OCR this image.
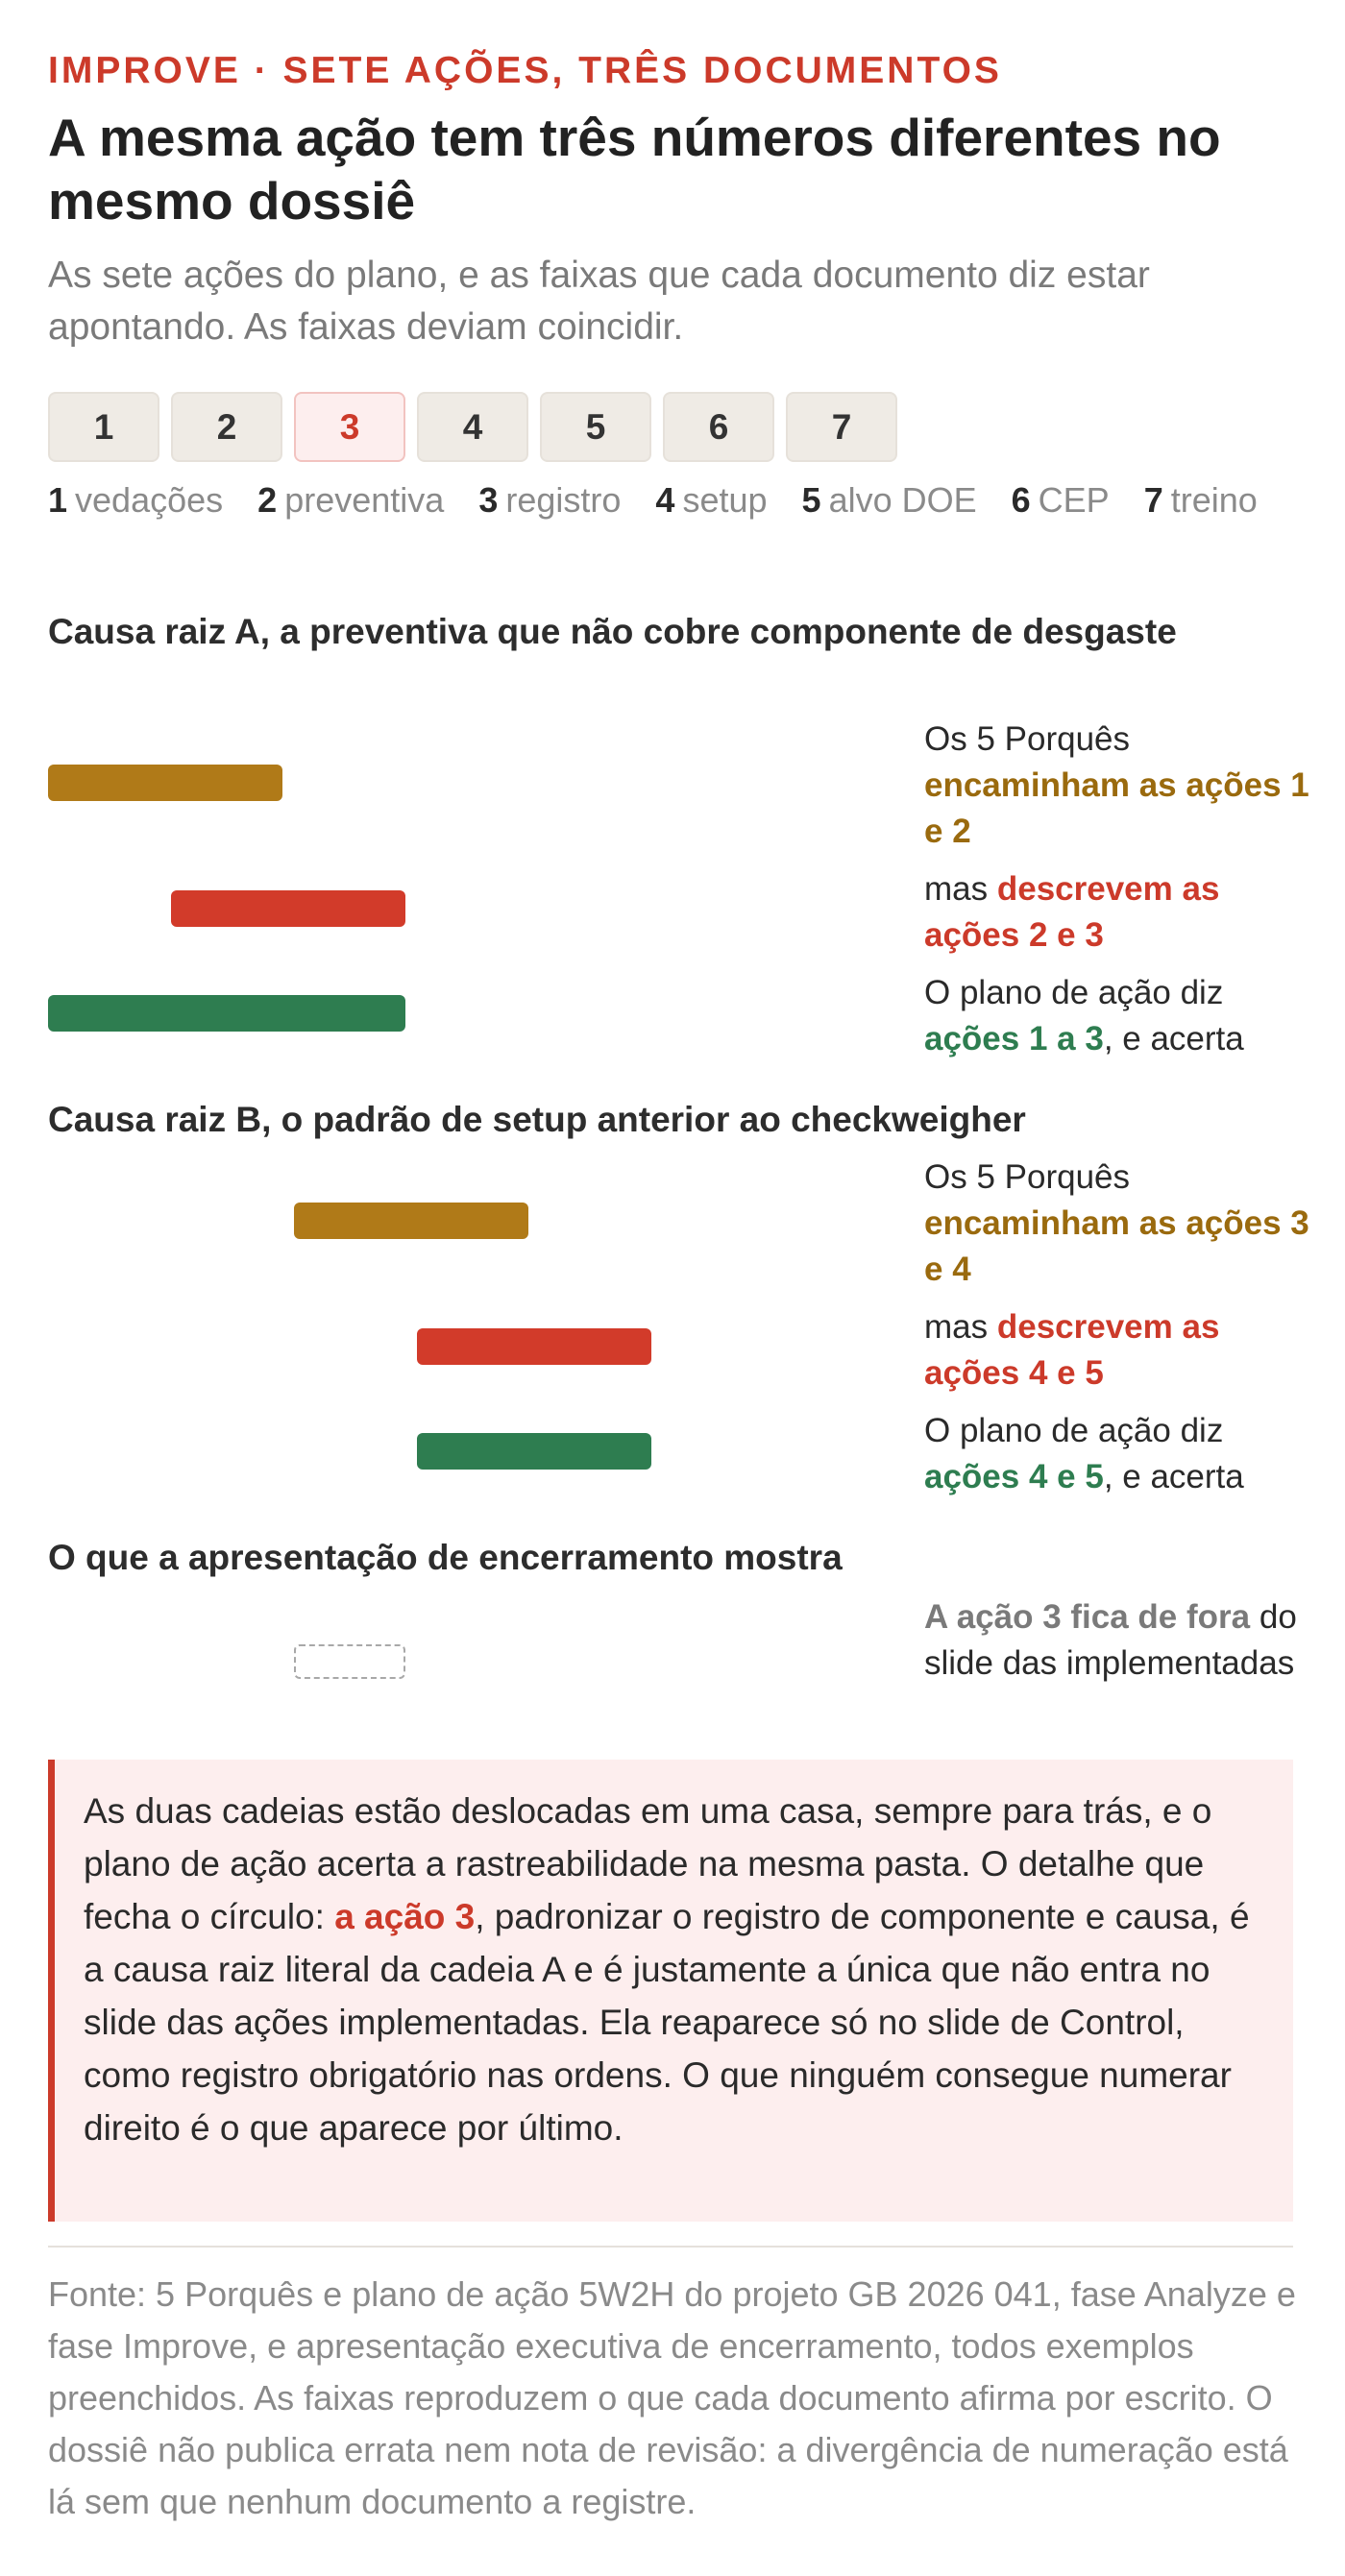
IMPROVE · SETE AÇÕES, TRÊS DOCUMENTOS
A mesma ação tem três números diferentes no mesmo dossiê

As sete ações do plano, e as faixas que cada documento diz estar apontando. As faixas deviam coincidir.

1	2	3	4	5	6	7
1 vedações 2 preventiva 3 registro 4 setup 5 alvo DOE 6 CEP 7 treino
Causa raiz A, a preventiva que não cobre componente de desgaste
Os 5 Porquês
encaminham as ações 1 e 2
mas descrevem as ações 2 e 3
O plano de ação diz
ações 1 a 3, e acerta
Causa raiz B, o padrão de setup anterior ao checkweigher
Os 5 Porquês
encaminham as ações 3 e 4
mas descrevem as ações 4 e 5
O plano de ação diz
ações 4 e 5, e acerta
O que a apresentação de encerramento mostra
A ação 3 fica de fora do slide das implementadas
As duas cadeias estão deslocadas em uma casa, sempre para trás, e o plano de ação acerta a rastreabilidade na mesma pasta. O detalhe que fecha o círculo: a ação 3, padronizar o registro de componente e causa, é a causa raiz literal da cadeia A e é justamente a única que não entra no slide das ações implementadas. Ela reaparece só no slide de Control, como registro obrigatório nas ordens. O que ninguém consegue numerar direito é o que aparece por último.

Fonte: 5 Porquês e plano de ação 5W2H do projeto GB 2026 041, fase Analyze e fase Improve, e apresentação executiva de encerramento, todos exemplos preenchidos. As faixas reproduzem o que cada documento afirma por escrito. O dossiê não publica errata nem nota de revisão: a divergência de numeração está lá sem que nenhum documento a registre.
